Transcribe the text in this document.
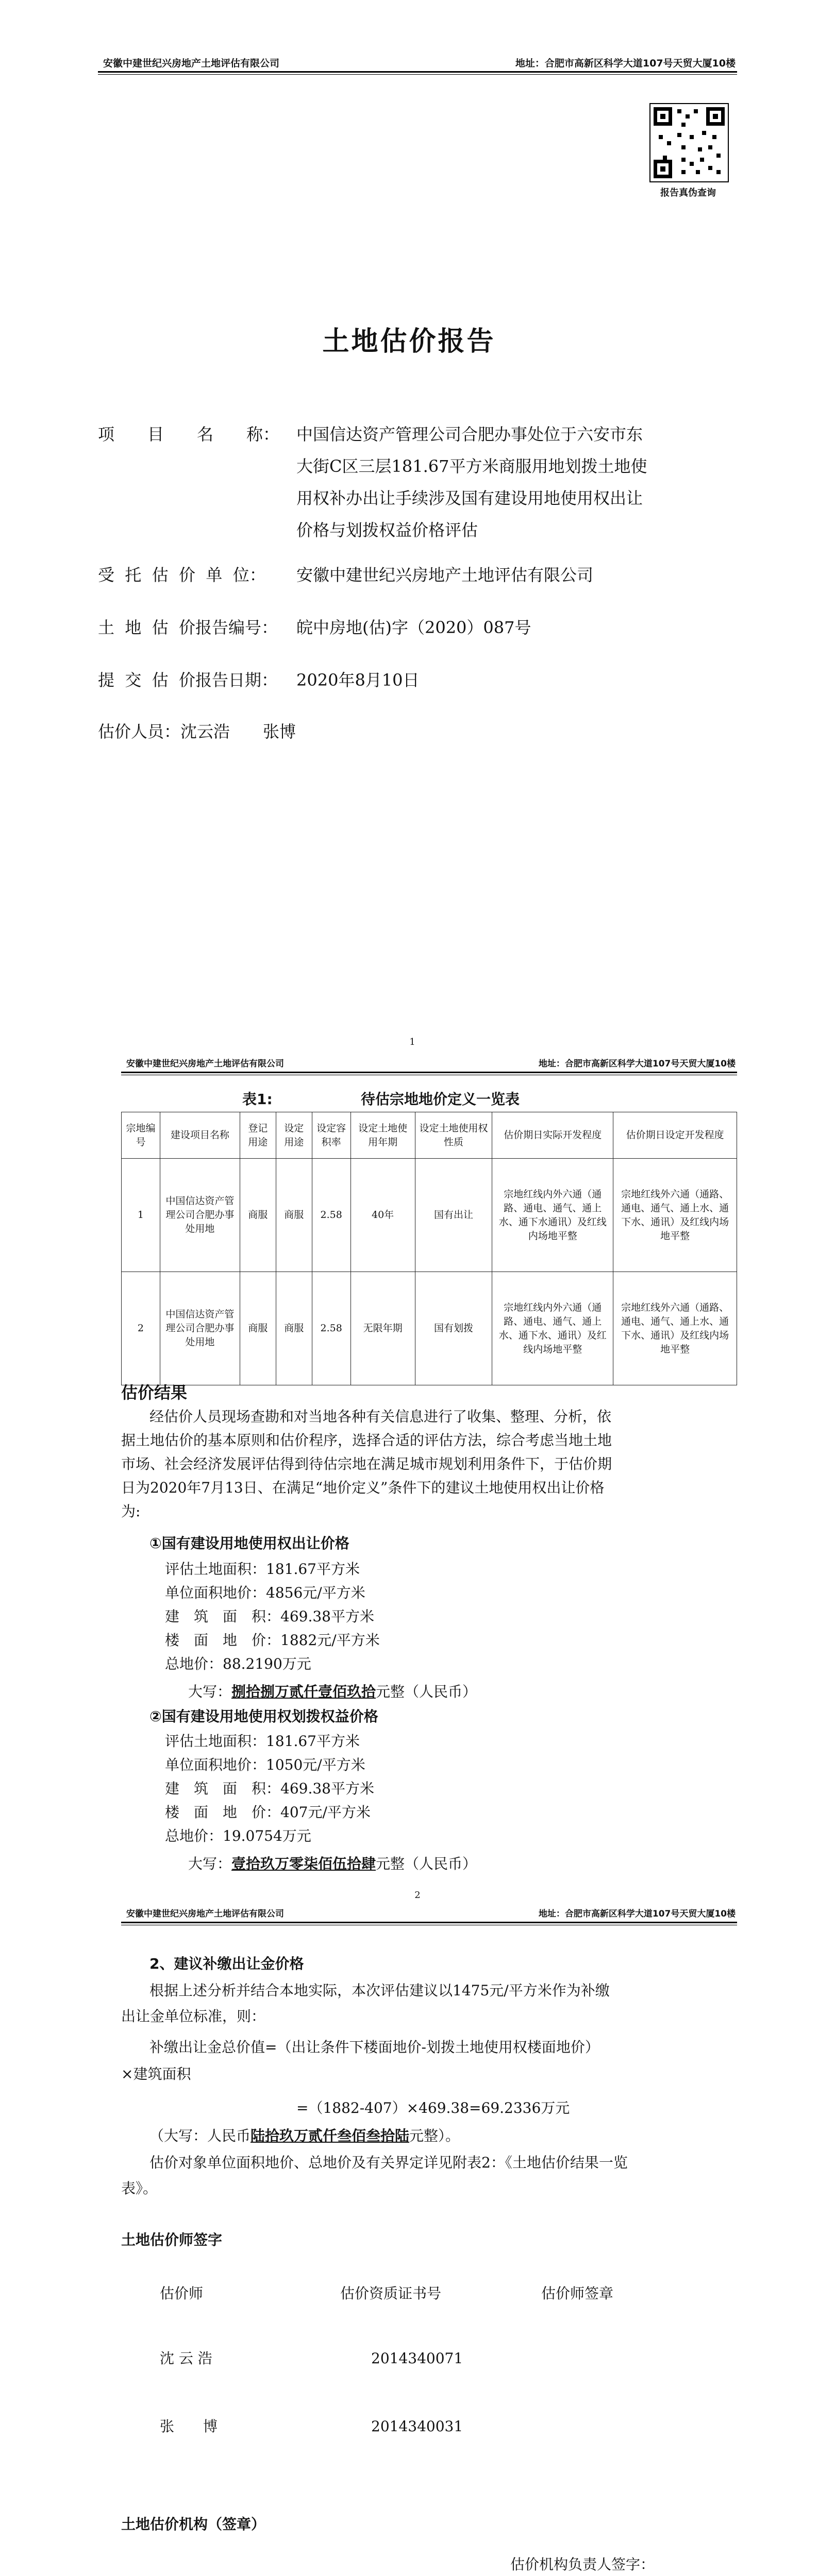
安徽中建世纪兴房地产土地评估有限公司	地址：合肥市高新区科学大道107号天贸大厦10楼
报告真伪查询
土地估价报告
项　　目　　名　　称： 中国信达资产管理公司合肥办事处位于六安市东
大街C区三层181.67平方米商服用地划拨土地使
用权补办出让手续涉及国有建设用地使用权出让
价格与划拨权益价格评估
受  托  估  价  单  位： 安徽中建世纪兴房地产土地评估有限公司
土  地  估  价报告编号： 皖中房地(估)字（2020）087号
提  交  估  价报告日期： 2020年8月10日
估价人员： 沈云浩　　张博
1
安徽中建世纪兴房地产土地评估有限公司	地址：合肥市高新区科学大道107号天贸大厦10楼
表1:	待估宗地地价定义一览表
宗地编号	建设项目名称	登记用途	设定用途	设定容积率	设定土地使用年期	设定土地使用权性质	估价期日实际开发程度	估价期日设定开发程度
1	中国信达资产管理公司合肥办事处用地	商服	商服	2.58	40年	国有出让	宗地红线内外六通（通路、通电、通气、通上水、通下水通讯）及红线内场地平整	宗地红线外六通（通路、通电、通气、通上水、通下水、通讯）及红线内场地平整
2	中国信达资产管理公司合肥办事处用地	商服	商服	2.58	无限年期	国有划拨	宗地红线内外六通（通路、通电、通气、通上水、通下水、通讯）及红线内场地平整	宗地红线外六通（通路、通电、通气、通上水、通下水、通讯）及红线内场地平整
估价结果
经估价人员现场查勘和对当地各种有关信息进行了收集、整理、分析，依
据土地估价的基本原则和估价程序，选择合适的评估方法，综合考虑当地土地
市场、社会经济发展评估得到待估宗地在满足城市规划利用条件下，于估价期
日为2020年7月13日、在满足“地价定义”条件下的建议土地使用权出让价格
为:
①国有建设用地使用权出让价格
评估土地面积：181.67平方米
单位面积地价：4856元/平方米
建　筑　面　积：469.38平方米
楼　面　地　价：1882元/平方米
总地价：88.2190万元
大写：捌拾捌万贰仟壹佰玖拾元整（人民币）
②国有建设用地使用权划拨权益价格
评估土地面积：181.67平方米
单位面积地价：1050元/平方米
建　筑　面　积：469.38平方米
楼　面　地　价：407元/平方米
总地价：19.0754万元
大写：壹拾玖万零柒佰伍拾肆元整（人民币）
2
安徽中建世纪兴房地产土地评估有限公司	地址：合肥市高新区科学大道107号天贸大厦10楼
2、建议补缴出让金价格
根据上述分析并结合本地实际，本次评估建议以1475元/平方米作为补缴
出让金单位标准，则：
补缴出让金总价值=（出让条件下楼面地价-划拨土地使用权楼面地价）
×建筑面积
=（1882-407）×469.38=69.2336万元
（大写：人民币陆拾玖万贰仟叁佰叁拾陆元整）。
估价对象单位面积地价、总地价及有关界定详见附表2：《土地估价结果一览
表》。
土地估价师签字
估价师	估价资质证书号	估价师签章
沈 云 浩	2014340071
张　　博	2014340031
土地估价机构（签章）
估价机构负责人签字：
